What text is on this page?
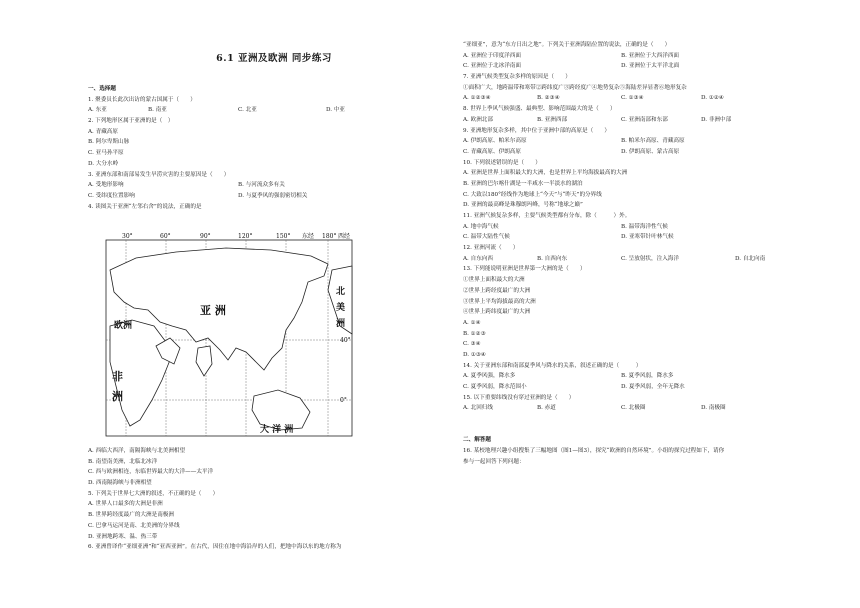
6.1 亚洲及欧洲 同步练习
一、选择题
1. 聚委员长此次出访的蒙古国属于（　　）
A. 东亚	B. 南亚	C. 北亚	D. 中亚
2. 下列地形区属于亚洲的是（　）
A. 青藏高原
B. 阿尔卑斯山脉
C. 亚马孙平原
D. 大分水岭
3. 亚洲东部和南部易发生旱涝灾害的主要原因是（　　）
A. 受地形影响	B. 与河流众多有关
C. 受纬度位置影响	D. 与夏季风的强弱密切相关
4. 读图关于亚洲“左邻右舍”的说法，正确的是
30°	60°	90°	120°	150° 东经 180° 西经
40°
0°
亚 洲
欧洲
非
洲
北
美
洲
大 洋 洲
A. 西临大西洋，南隔海峡与北美洲相望
B. 南望南美洲，北临北冰洋
C. 西与欧洲相连，东临世界最大的大洋——太平洋
D. 西南隔海峡与非洲相望
5. 下列关于世界七大洲的叙述，不正确的是（　　）
A. 世界人口最多的大洲是非洲
B. 世界跨经度最广的大洲是南极洲
C. 巴拿马运河是南、北美洲的分界线
D. 亚洲地跨寒、温、热三带
6. 亚洲曾译作“亚细亚洲”和“亚西亚洲”。在古代，因住在地中海沿岸的人们，把地中海以东的地方称为
“亚细亚”，意为“东方日出之地”。下列关于亚洲海陆位置的说法，正确的是（　　）
A. 亚洲位于印度洋西面	B. 亚洲位于大西洋西面
C. 亚洲位于北冰洋南面	D. 亚洲位于太平洋北面
7. 亚洲气候类型复杂多样的原因是（　　）
①面积广大，地跨温带和寒带②跨纬度广③跨经度广④地势复杂⑤海陆差异显著⑥地形复杂
A. ①②③④	B. ②③④	C. ①③④	D. ①②④
8. 世界上季风气候强盛、最典型、影响范围最大的是（　　）
A. 欧洲北部	B. 亚洲西部	C. 亚洲南部和东部	D. 非洲中部
9. 亚洲地形复杂多样，其中位于亚洲中部的高原是（　　）
A. 伊朗高原、帕米尔高原	B. 帕米尔高原、青藏高原
C. 青藏高原、伊朗高原	D. 伊朗高原、蒙古高原
10. 下列叙述错误的是（　　）
A. 亚洲是世界上面积最大的大洲，也是世界上平均海拔最高的大洲
B. 亚洲的巴尔喀什湖是一半咸水一半淡水的湖泊
C. 大致以180°经线作为地球上“今天”与“昨天”的分界线
D. 亚洲的最高峰是珠穆朗玛峰，号称“地球之巅”
11. 亚洲气候复杂多样，主要气候类型都有分布，除（　　　）外。
A. 地中海气候	B. 温带海洋性气候
C. 温带大陆性气候	D. 亚寒带针叶林气候
12. 亚洲河流（　　）
A. 自东向西	B. 自西向东	C. 呈放射状，注入海洋	D. 自北向南
13. 下列能说明亚洲是世界第一大洲的是（　　）
①世界上面积最大的大洲
②世界上跨经度最广的大洲
③世界上平均海拔最高的大洲
④世界上跨纬度最广的大洲
A. ①④
B. ①②③
C. ③④
D. ①③④
14. 关于亚洲东部和南部夏季风与降水的关系，叙述正确的是（　　　）
A. 夏季风强，降水多	B. 夏季风弱，降水多
C. 夏季风弱，降水范围小	D. 夏季风弱，全年无降水
15. 以下重要纬线没有穿过亚洲的是（　　）
A. 北回归线	B. 赤道	C. 北极圈	D. 南极圈
二、解答题
16. 某校地理兴趣小组搜集了三幅地图（图1—图3），探究“欧洲的自然环境”。小组的探究过程如下，请你
参与一起回答下列问题：
